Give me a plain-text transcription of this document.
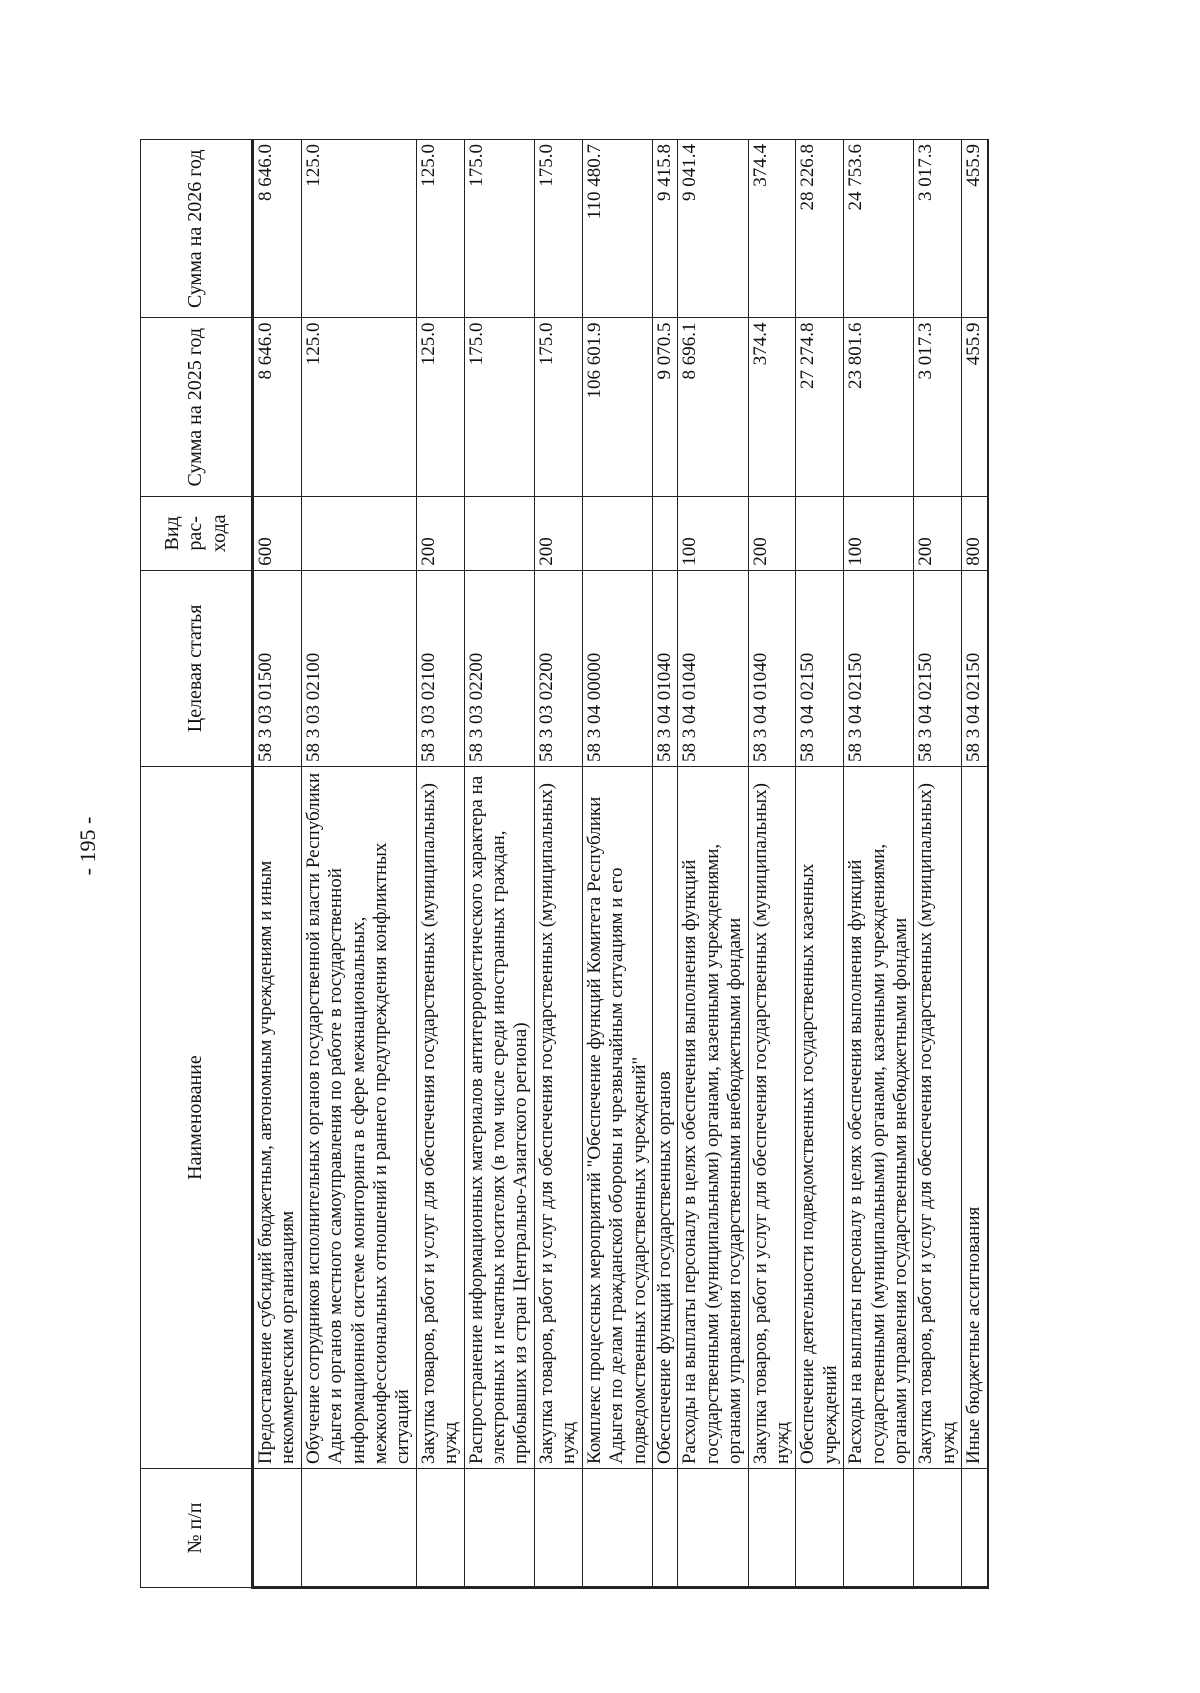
- 195 -
№ п/п	Наименование	Целевая статья	Вид рас- хода	Сумма на 2025 год	Сумма на 2026 год
	Предоставление субсидий бюджетным, автономным учреждениям и иным некоммерческим организациям	58 3 03 01500	600	8 646.0	8 646.0
	Обучение сотрудников исполнительных органов государственной власти Республики Адыгея и органов местного самоуправления по работе в государственной информационной системе мониторинга в сфере межнациональных, межконфессиональных отношений и раннего предупреждения конфликтных ситуаций	58 3 03 02100		125.0	125.0
	Закупка товаров, работ и услуг для обеспечения государственных (муниципальных) нужд	58 3 03 02100	200	125.0	125.0
	Распространение информационных материалов антитеррористического характера на электронных и печатных носителях (в том числе среди иностранных граждан, прибывших из стран Центрально-Азиатского региона)	58 3 03 02200		175.0	175.0
	Закупка товаров, работ и услуг для обеспечения государственных (муниципальных) нужд	58 3 03 02200	200	175.0	175.0
	Комплекс процессных мероприятий "Обеспечение функций Комитета Республики Адыгея по делам гражданской обороны и чрезвычайным ситуациям и его подведомственных государственных учреждений"	58 3 04 00000		106 601.9	110 480.7
	Обеспечение функций государственных органов	58 3 04 01040		9 070.5	9 415.8
	Расходы на выплаты персоналу в целях обеспечения выполнения функций государственными (муниципальными) органами, казенными учреждениями, органами управления государственными внебюджетными фондами	58 3 04 01040	100	8 696.1	9 041.4
	Закупка товаров, работ и услуг для обеспечения государственных (муниципальных) нужд	58 3 04 01040	200	374.4	374.4
	Обеспечение деятельности подведомственных государственных казенных учреждений	58 3 04 02150		27 274.8	28 226.8
	Расходы на выплаты персоналу в целях обеспечения выполнения функций государственными (муниципальными) органами, казенными учреждениями, органами управления государственными внебюджетными фондами	58 3 04 02150	100	23 801.6	24 753.6
	Закупка товаров, работ и услуг для обеспечения государственных (муниципальных) нужд	58 3 04 02150	200	3 017.3	3 017.3
	Иные бюджетные ассигнования	58 3 04 02150	800	455.9	455.9
